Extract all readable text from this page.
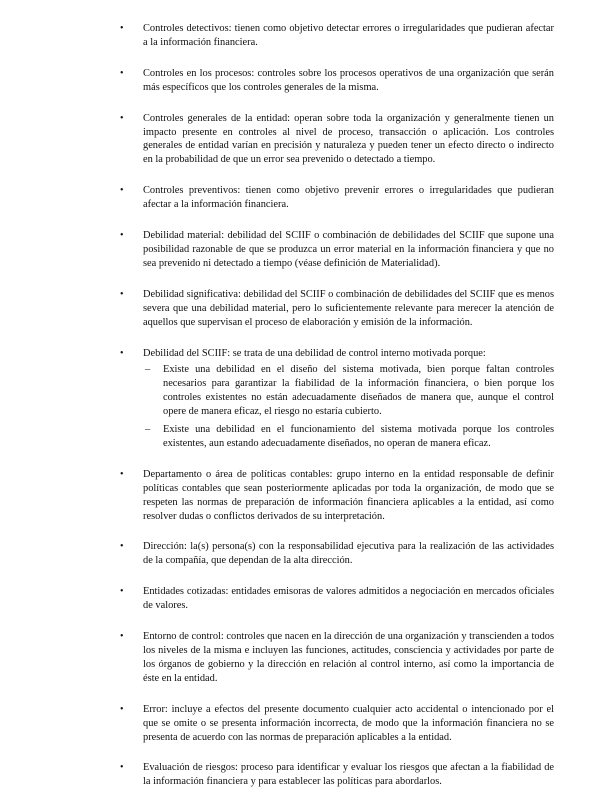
• Controles detectivos: tienen como objetivo detectar errores o irregularidades que pudieran afectar a la información financiera.
• Controles en los procesos: controles sobre los procesos operativos de una organización que serán más específicos que los controles generales de la misma.
• Controles generales de la entidad: operan sobre toda la organización y generalmente tienen un impacto presente en controles al nivel de proceso, transacción o aplicación. Los controles generales de entidad varían en precisión y naturaleza y pueden tener un efecto directo o indirecto en la probabilidad de que un error sea prevenido o detectado a tiempo.
• Controles preventivos: tienen como objetivo prevenir errores o irregularidades que pudieran afectar a la información financiera.
• Debilidad material: debilidad del SCIIF o combinación de debilidades del SCIIF que supone una posibilidad razonable de que se produzca un error material en la información financiera y que no sea prevenido ni detectado a tiempo (véase definición de Materialidad).
• Debilidad significativa: debilidad del SCIIF o combinación de debilidades del SCIIF que es menos severa que una debilidad material, pero lo suficientemente relevante para merecer la atención de aquellos que supervisan el proceso de elaboración y emisión de la información.
• Debilidad del SCIIF: se trata de una debilidad de control interno motivada porque:
– Existe una debilidad en el diseño del sistema motivada, bien porque faltan controles necesarios para garantizar la fiabilidad de la información financiera, o bien porque los controles existentes no están adecuadamente diseñados de manera que, aunque el control opere de manera eficaz, el riesgo no estaría cubierto.
– Existe una debilidad en el funcionamiento del sistema motivada porque los controles existentes, aun estando adecuadamente diseñados, no operan de manera eficaz.
• Departamento o área de políticas contables: grupo interno en la entidad responsable de definir políticas contables que sean posteriormente aplicadas por toda la organización, de modo que se respeten las normas de preparación de información financiera aplicables a la entidad, así como resolver dudas o conflictos derivados de su interpretación.
• Dirección: la(s) persona(s) con la responsabilidad ejecutiva para la realización de las actividades de la compañía, que dependan de la alta dirección.
• Entidades cotizadas: entidades emisoras de valores admitidos a negociación en mercados oficiales de valores.
• Entorno de control: controles que nacen en la dirección de una organización y transcienden a todos los niveles de la misma e incluyen las funciones, actitudes, consciencia y actividades por parte de los órganos de gobierno y la dirección en relación al control interno, así como la importancia de éste en la entidad.
• Error: incluye a efectos del presente documento cualquier acto accidental o intencionado por el que se omite o se presenta información incorrecta, de modo que la información financiera no se presenta de acuerdo con las normas de preparación aplicables a la entidad.
• Evaluación de riesgos: proceso para identificar y evaluar los riesgos que afectan a la fiabilidad de la información financiera y para establecer las políticas para abordarlos.
